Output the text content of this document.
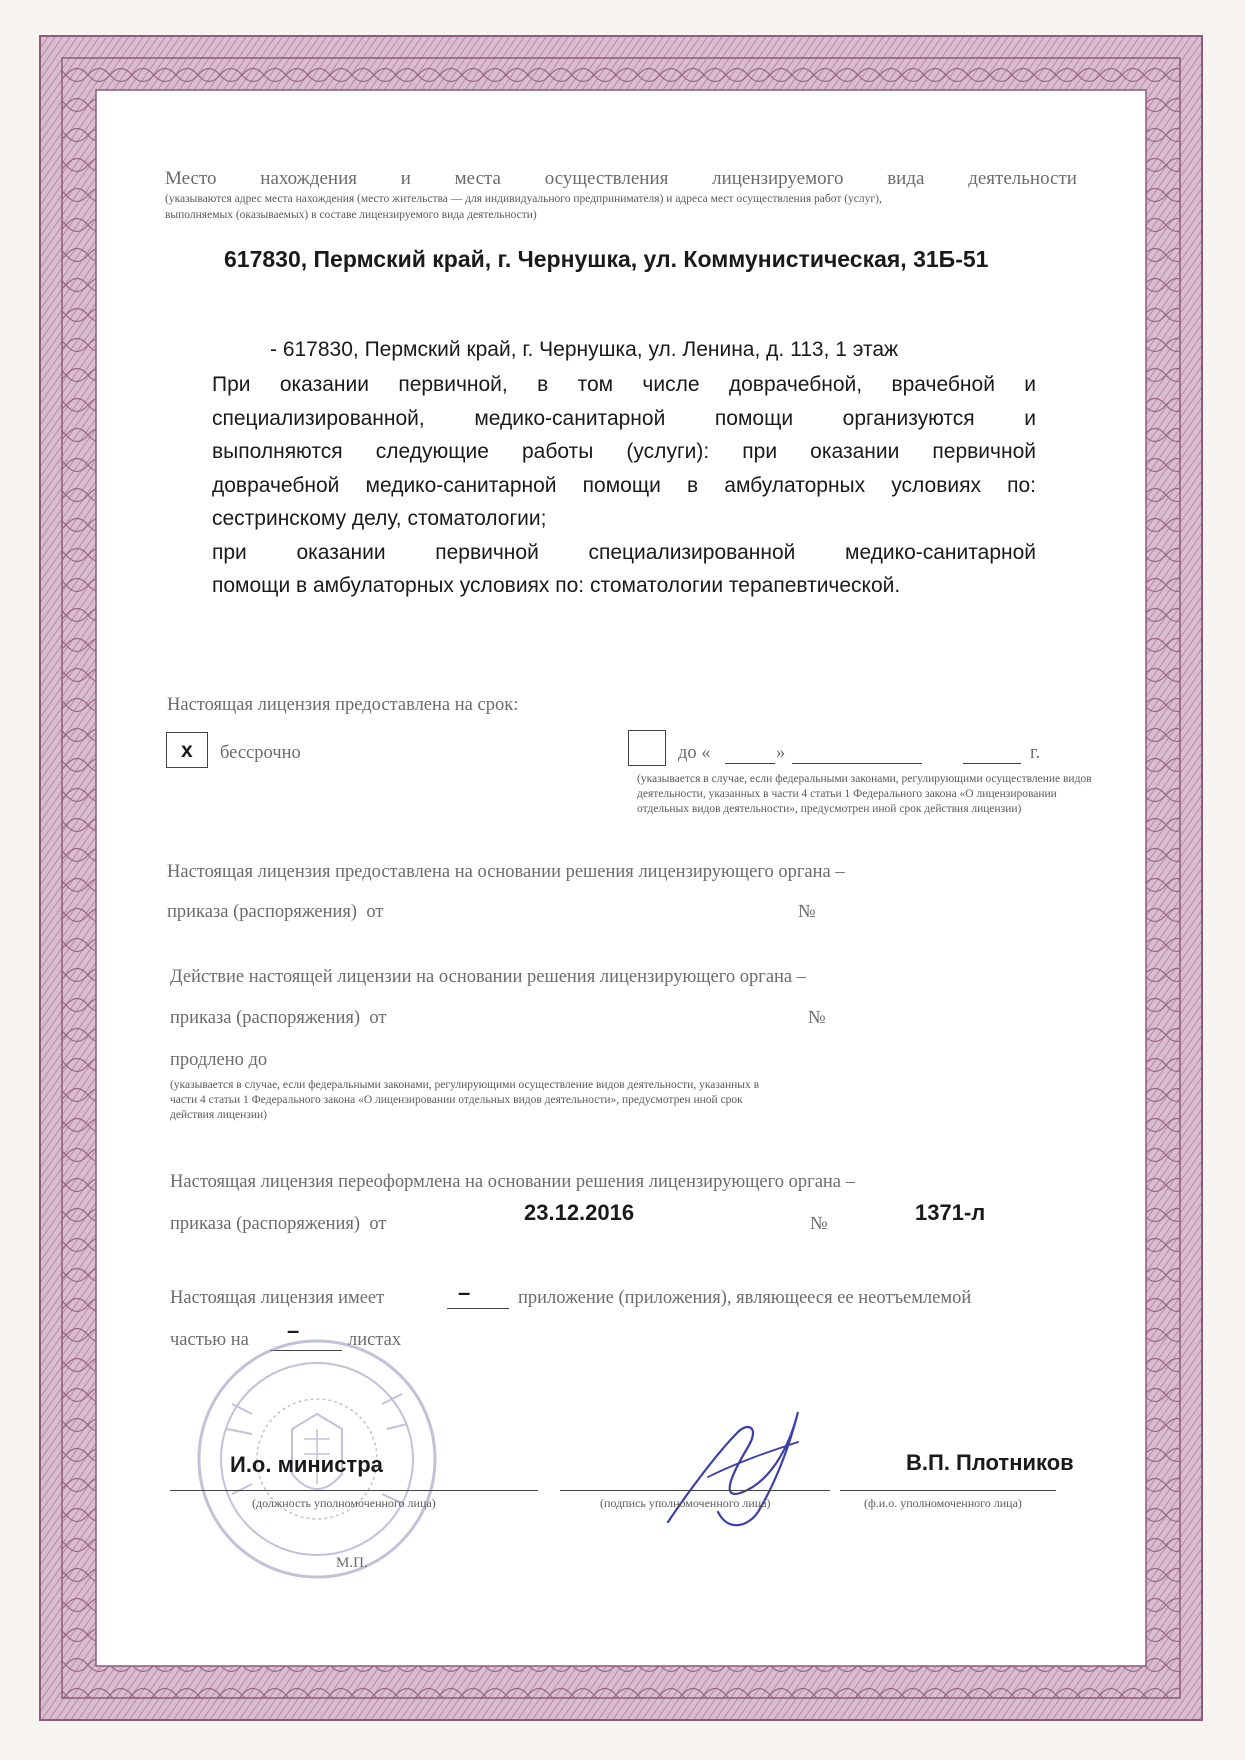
Место нахождения и места осуществления лицензируемого вида деятельности
(указываются адрес места нахождения (место жительства — для индивидуального предпринимателя) и адреса мест осуществления работ (услуг),
выполняемых (оказываемых) в составе лицензируемого вида деятельности)
617830, Пермский край, г. Чернушка, ул. Коммунистическая, 31Б-51
- 617830, Пермский край, г. Чернушка, ул. Ленина, д. 113, 1 этаж
При оказании первичной, в том числе доврачебной, врачебной и
специализированной, медико-санитарной помощи организуются и
выполняются следующие работы (услуги): при оказании первичной
доврачебной медико-санитарной помощи в амбулаторных условиях по:
сестринскому делу, стоматологии;
при оказании первичной специализированной медико-санитарной
помощи в амбулаторных условиях по: стоматологии терапевтической.
Настоящая лицензия предоставлена на срок:
x бессрочно	до «	»	г.
(указывается в случае, если федеральными законами, регулирующими осуществление видов деятельности, указанных в части 4 статьи 1 Федерального закона «О лицензировании отдельных видов деятельности», предусмотрен иной срок действия лицензии)
Настоящая лицензия предоставлена на основании решения лицензирующего органа –
приказа (распоряжения)  от	№
Действие настоящей лицензии на основании решения лицензирующего органа –
приказа (распоряжения)  от	№
продлено до
(указывается в случае, если федеральными законами, регулирующими осуществление видов деятельности, указанных в части 4 статьи 1 Федерального закона «О лицензировании отдельных видов деятельности», предусмотрен иной срок действия лицензии)
Настоящая лицензия переоформлена на основании решения лицензирующего органа –
приказа (распоряжения)  от	23.12.2016	№	1371-л
Настоящая лицензия имеет	–	приложение (приложения), являющееся ее неотъемлемой
частью на –	листах
И.о. министра
(должность уполномоченного лица)	(подпись уполномоченного лица)
В.П. Плотников
(ф.и.о. уполномоченного лица)
М.П.
